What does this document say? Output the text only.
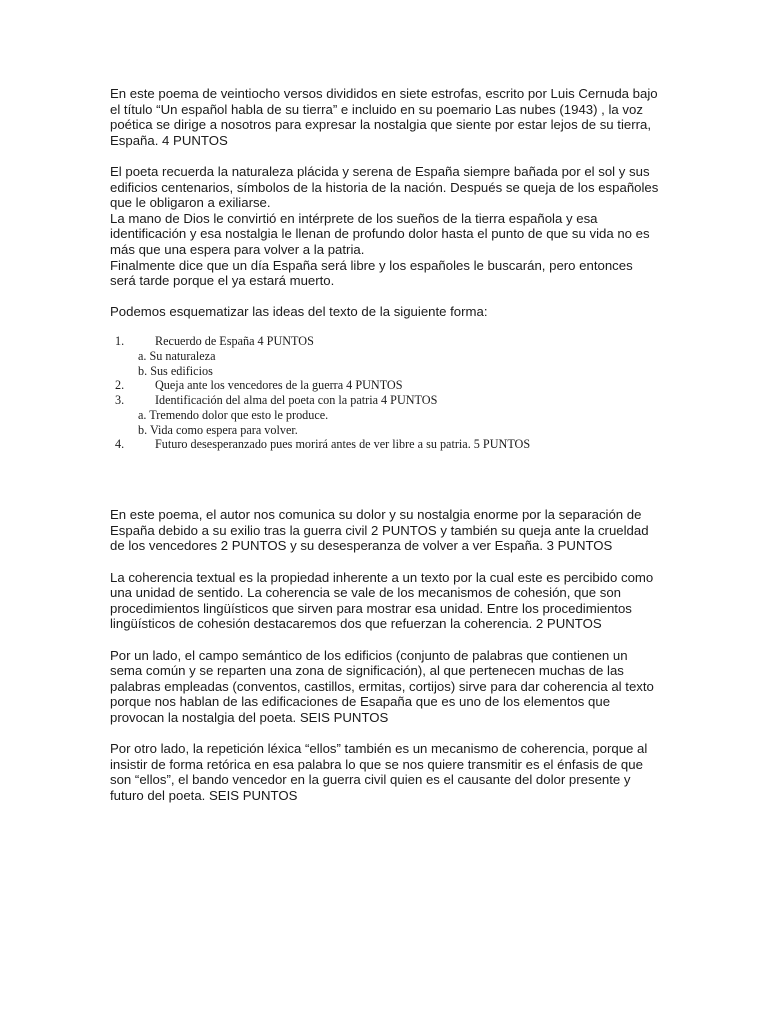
En este poema de veintiocho versos divididos en siete estrofas, escrito por Luis Cernuda bajo el título “Un español habla de su tierra” e incluido en su poemario Las nubes (1943) , la voz poética se dirige a nosotros para expresar la nostalgia que siente por estar lejos de su tierra, España. 4 PUNTOS

El poeta recuerda la naturaleza plácida y serena de España siempre bañada por el sol y sus edificios centenarios, símbolos de la historia de la nación. Después se queja de los españoles que le obligaron a exiliarse.

La mano de Dios le convirtió en intérprete de los sueños de la tierra española y esa identificación y esa nostalgia le llenan de profundo dolor hasta el punto de que su vida no es más que una espera para volver a la patria.

Finalmente dice que un día España será libre y los españoles le buscarán, pero entonces será tarde porque el ya estará muerto.

Podemos esquematizar las ideas del texto de la siguiente forma:

1.	Recuerdo de España 4 PUNTOS
a. Su naturaleza
b. Sus edificios
2.	Queja ante los vencedores de la guerra 4 PUNTOS
3.	Identificación del alma del poeta con la patria 4 PUNTOS
a. Tremendo dolor que esto le produce.
b. Vida como espera para volver.
4.	Futuro desesperanzado pues morirá antes de ver libre a su patria. 5 PUNTOS

En este poema, el autor nos comunica su dolor y su nostalgia enorme por la separación de España debido a su exilio tras la guerra civil 2 PUNTOS y también su queja ante la crueldad de los vencedores 2 PUNTOS y su desesperanza de volver a ver España. 3 PUNTOS

La coherencia textual es la propiedad inherente a un texto por la cual este es percibido como una unidad de sentido. La coherencia se vale de los mecanismos de cohesión, que son procedimientos lingüísticos que sirven para mostrar esa unidad. Entre los procedimientos lingüísticos de cohesión destacaremos dos que refuerzan la coherencia. 2 PUNTOS

Por un lado, el campo semántico de los edificios (conjunto de palabras que contienen un sema común y se reparten una zona de significación), al que pertenecen muchas de las palabras empleadas (conventos, castillos, ermitas, cortijos) sirve para dar coherencia al texto porque nos hablan de las edificaciones de Esapaña que es uno de los elementos que provocan la nostalgia del poeta. SEIS PUNTOS

Por otro lado, la repetición léxica “ellos” también es un mecanismo de coherencia, porque al insistir de forma retórica en esa palabra lo que se nos quiere transmitir es el énfasis de que son “ellos”, el bando vencedor en la guerra civil quien es el causante del dolor presente y futuro del poeta. SEIS PUNTOS
